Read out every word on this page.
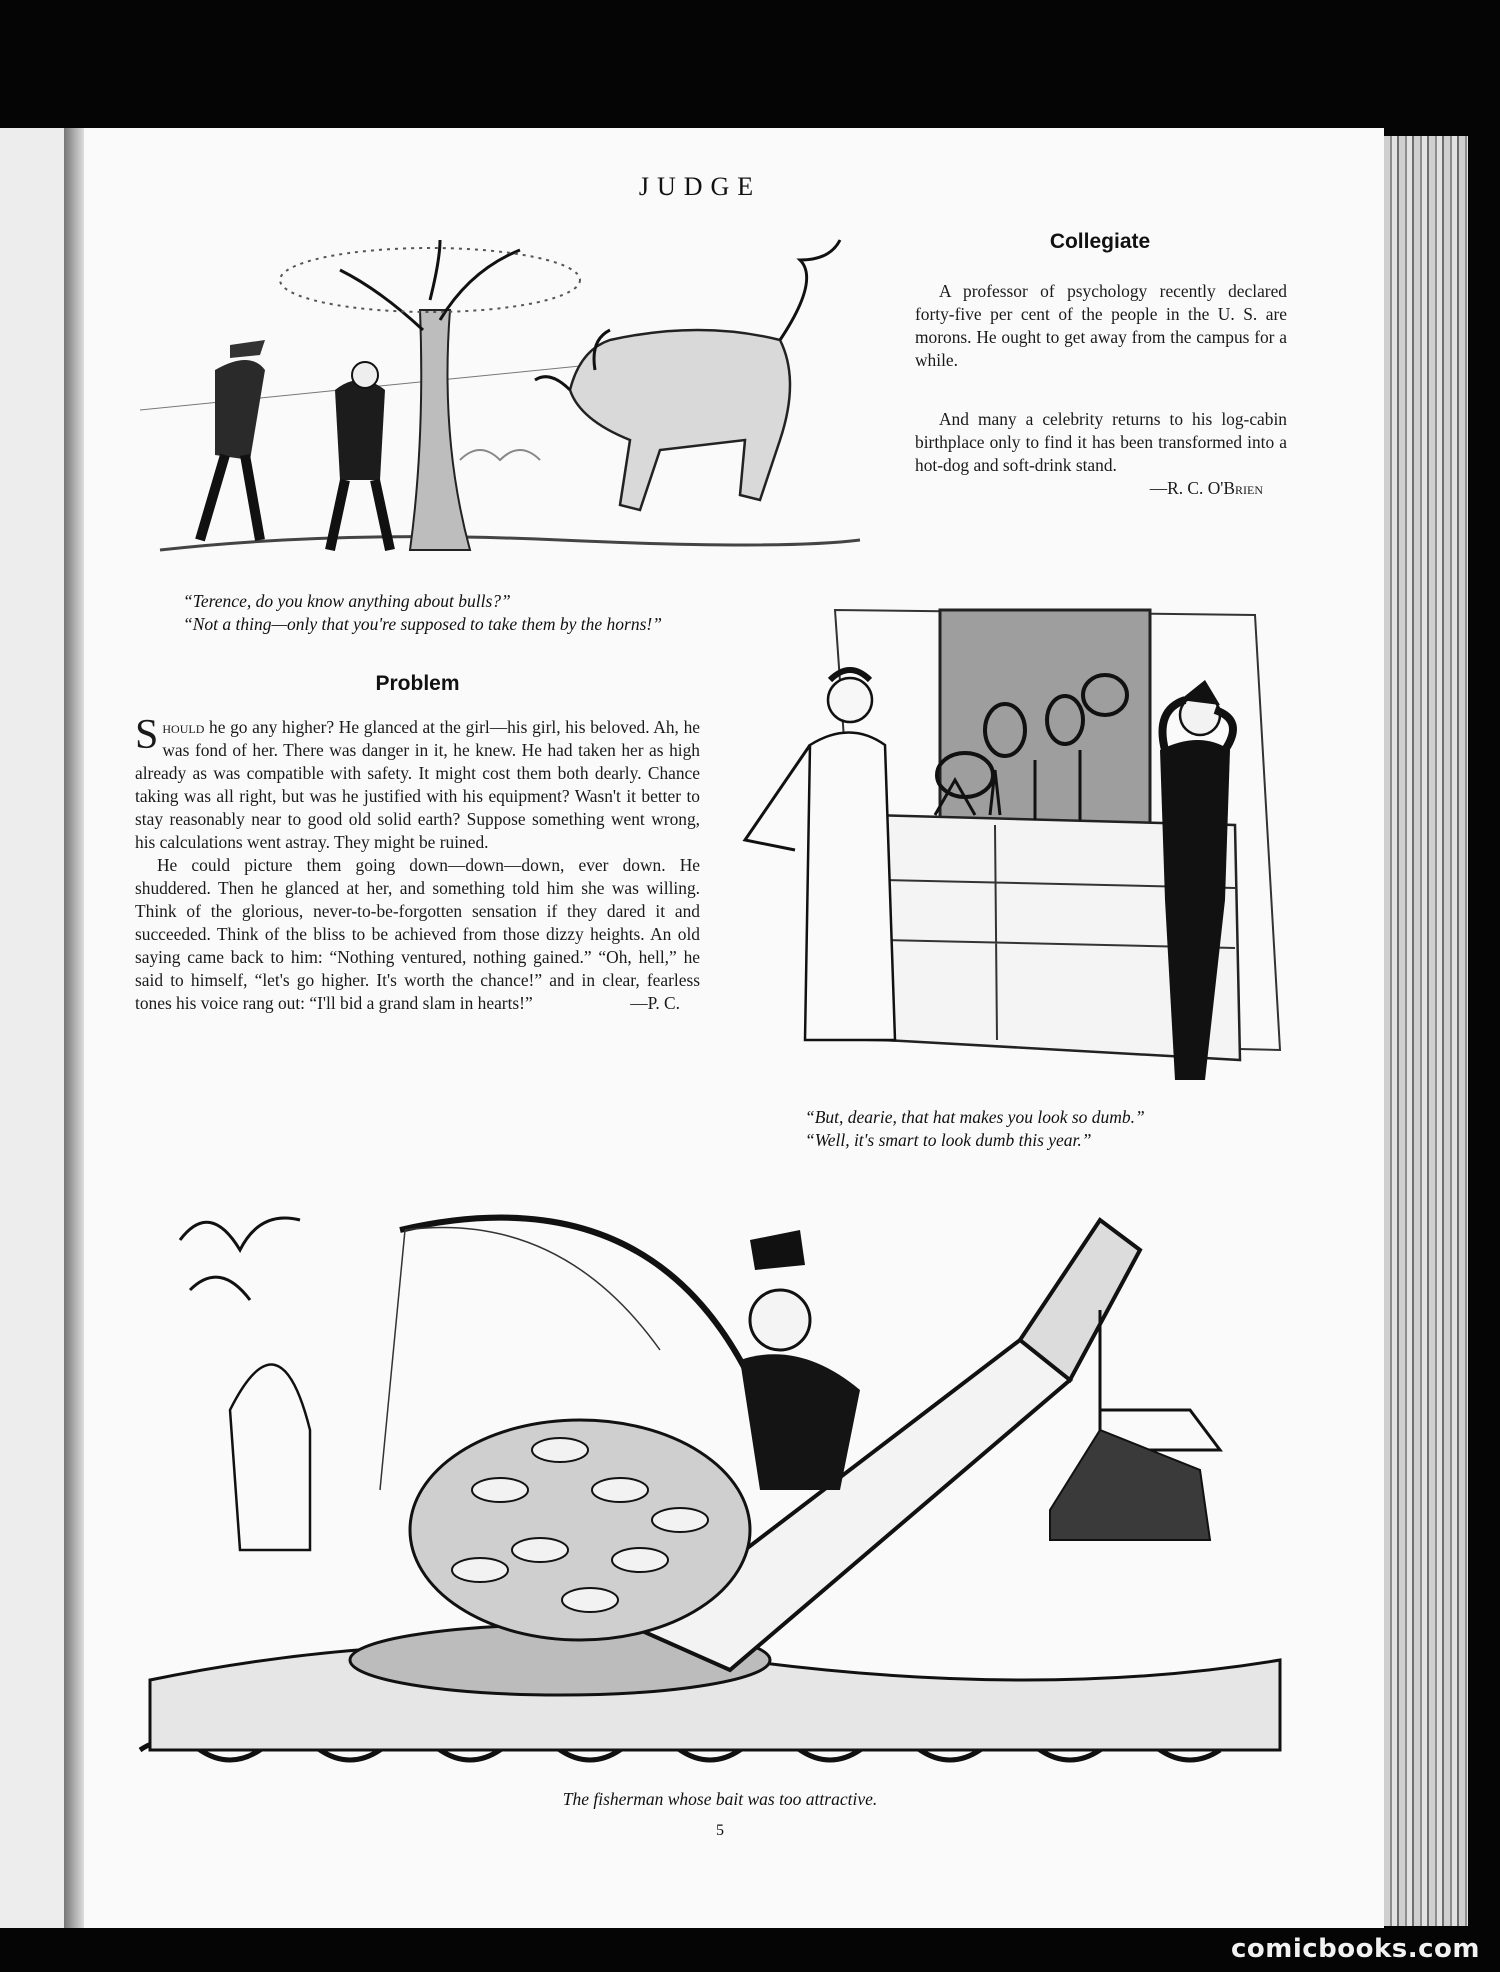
JUDGE
“Terence, do you know anything about bulls?”
“Not a thing—only that you're supposed to take them by the horns!”
Collegiate

A professor of psychology recently declared forty-five per cent of the people in the U. S. are morons. He ought to get away from the campus for a while.

And many a celebrity returns to his log-cabin birthplace only to find it has been transformed into a hot-dog and soft-drink stand.

—R. C. O'Brien

Problem

Should he go any higher? He glanced at the girl—his girl, his beloved. Ah, he was fond of her. There was danger in it, he knew. He had taken her as high already as was compatible with safety. It might cost them both dearly. Chance taking was all right, but was he justified with his equipment? Wasn't it better to stay reasonably near to good old solid earth? Suppose something went wrong, his calculations went astray. They might be ruined.

He could picture them going down—down—down, ever down. He shuddered. Then he glanced at her, and something told him she was willing. Think of the glorious, never-to-be-forgotten sensation if they dared it and succeeded. Think of the bliss to be achieved from those dizzy heights. An old saying came back to him: “Nothing ventured, nothing gained.” “Oh, hell,” he said to himself, “let's go higher. It's worth the chance!” and in clear, fearless tones his voice rang out: “I'll bid a grand slam in hearts!”	—P. C.

“But, dearie, that hat makes you look so dumb.”
“Well, it's smart to look dumb this year.”
The fisherman whose bait was too attractive.
5
comicbooks.com
